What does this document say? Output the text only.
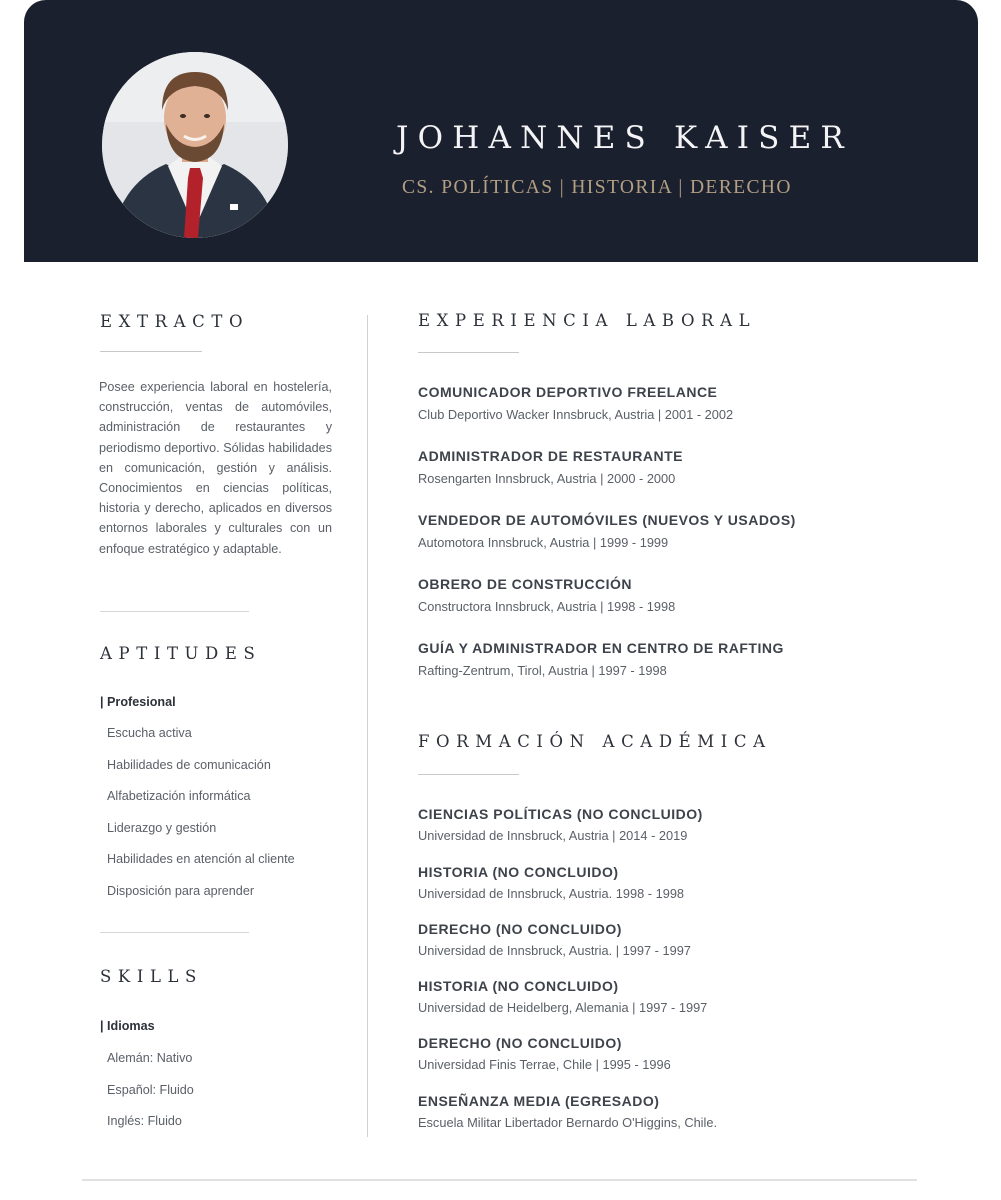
JOHANNES KAISER
CS. POLÍTICAS | HISTORIA | DERECHO
EXTRACTO
Posee experiencia laboral en hostelería, construcción, ventas de automóviles, administración de restaurantes y periodismo deportivo. Sólidas habilidades en comunicación, gestión y análisis. Conocimientos en ciencias políticas, historia y derecho, aplicados en diversos entornos laborales y culturales con un enfoque estratégico y adaptable.
APTITUDES
| Profesional
Escucha activa
Habilidades de comunicación
Alfabetización informática
Liderazgo y gestión
Habilidades en atención al cliente
Disposición para aprender
SKILLS
| Idiomas
Alemán: Nativo
Español: Fluido
Inglés: Fluido
EXPERIENCIA LABORAL
COMUNICADOR DEPORTIVO FREELANCE
Club Deportivo Wacker Innsbruck, Austria | 2001 - 2002
ADMINISTRADOR DE RESTAURANTE
Rosengarten Innsbruck, Austria | 2000 - 2000
VENDEDOR DE AUTOMÓVILES (NUEVOS Y USADOS)
Automotora Innsbruck, Austria | 1999 - 1999
OBRERO DE CONSTRUCCIÓN
Constructora Innsbruck, Austria | 1998 - 1998
GUÍA Y ADMINISTRADOR EN CENTRO DE RAFTING
Rafting-Zentrum, Tirol, Austria | 1997 - 1998
FORMACIÓN ACADÉMICA
CIENCIAS POLÍTICAS (NO CONCLUIDO)
Universidad de Innsbruck, Austria | 2014 - 2019
HISTORIA (NO CONCLUIDO)
Universidad de Innsbruck, Austria. 1998 - 1998
DERECHO (NO CONCLUIDO)
Universidad de Innsbruck, Austria. | 1997 - 1997
HISTORIA (NO CONCLUIDO)
Universidad de Heidelberg, Alemania | 1997 - 1997
DERECHO (NO CONCLUIDO)
Universidad Finis Terrae, Chile | 1995 - 1996
ENSEÑANZA MEDIA (EGRESADO)
Escuela Militar Libertador Bernardo O'Higgins, Chile.
